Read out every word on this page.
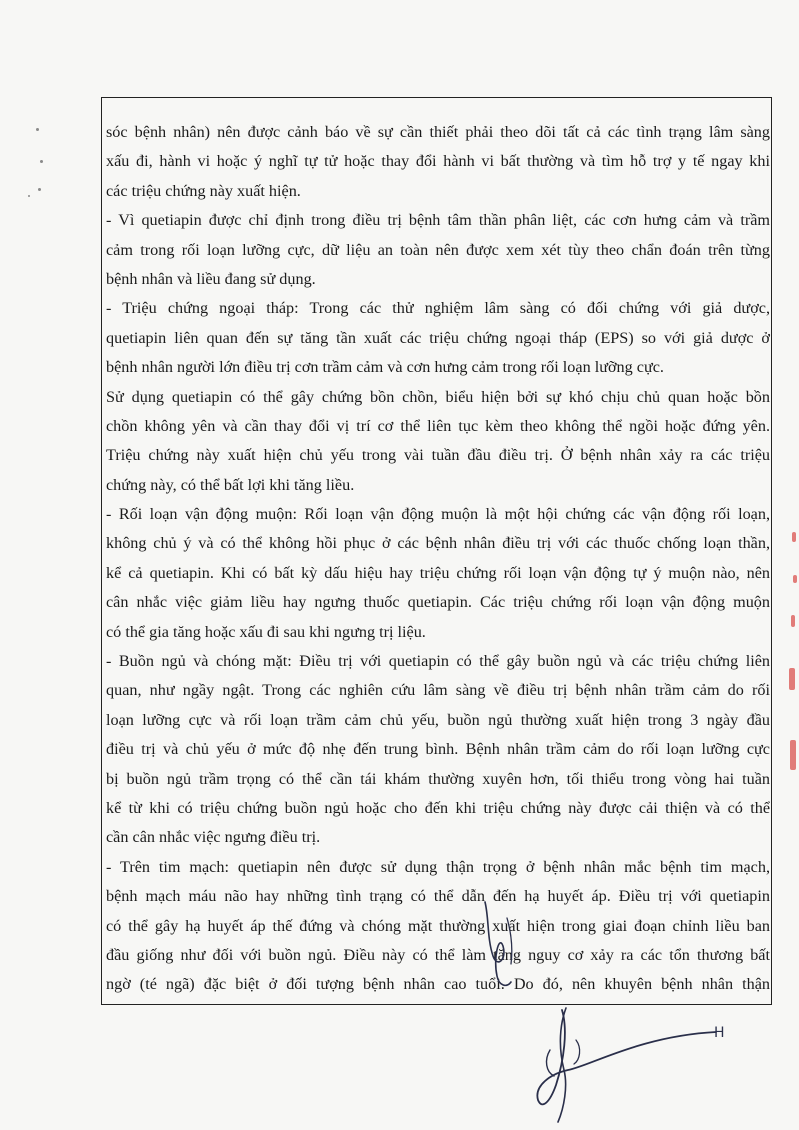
sóc bệnh nhân) nên được cảnh báo về sự cần thiết phải theo dõi tất cả các tình trạng lâm sàng
xấu đi, hành vi hoặc ý nghĩ tự tử hoặc thay đổi hành vi bất thường và tìm hỗ trợ y tế ngay khi
các triệu chứng này xuất hiện.
- Vì quetiapin được chỉ định trong điều trị bệnh tâm thần phân liệt, các cơn hưng cảm và trầm
cảm trong rối loạn lưỡng cực, dữ liệu an toàn nên được xem xét tùy theo chẩn đoán trên từng
bệnh nhân và liều đang sử dụng.
- Triệu chứng ngoại tháp: Trong các thử nghiệm lâm sàng có đối chứng với giả dược,
quetiapin liên quan đến sự tăng tần xuất các triệu chứng ngoại tháp (EPS) so với giả dược ở
bệnh nhân người lớn điều trị cơn trầm cảm và cơn hưng cảm trong rối loạn lưỡng cực.
Sử dụng quetiapin có thể gây chứng bồn chồn, biểu hiện bởi sự khó chịu chủ quan hoặc bồn
chồn không yên và cần thay đổi vị trí cơ thể liên tục kèm theo không thể ngồi hoặc đứng yên.
Triệu chứng này xuất hiện chủ yếu trong vài tuần đầu điều trị. Ở bệnh nhân xảy ra các triệu
chứng này, có thể bất lợi khi tăng liều.
- Rối loạn vận động muộn: Rối loạn vận động muộn là một hội chứng các vận động rối loạn,
không chủ ý và có thể không hồi phục ở các bệnh nhân điều trị với các thuốc chống loạn thần,
kể cả quetiapin. Khi có bất kỳ dấu hiệu hay triệu chứng rối loạn vận động tự ý muộn nào, nên
cân nhắc việc giảm liều hay ngưng thuốc quetiapin. Các triệu chứng rối loạn vận động muộn
có thể gia tăng hoặc xấu đi sau khi ngưng trị liệu.
- Buồn ngủ và chóng mặt: Điều trị với quetiapin có thể gây buồn ngủ và các triệu chứng liên
quan, như ngầy ngật. Trong các nghiên cứu lâm sàng về điều trị bệnh nhân trầm cảm do rối
loạn lưỡng cực và rối loạn trầm cảm chủ yếu, buồn ngủ thường xuất hiện trong 3 ngày đầu
điều trị và chủ yếu ở mức độ nhẹ đến trung bình. Bệnh nhân trầm cảm do rối loạn lưỡng cực
bị buồn ngủ trầm trọng có thể cần tái khám thường xuyên hơn, tối thiểu trong vòng hai tuần
kể từ khi có triệu chứng buồn ngủ hoặc cho đến khi triệu chứng này được cải thiện và có thể
cần cân nhắc việc ngưng điều trị.
- Trên tim mạch: quetiapin nên được sử dụng thận trọng ở bệnh nhân mắc bệnh tim mạch,
bệnh mạch máu não hay những tình trạng có thể dẫn đến hạ huyết áp. Điều trị với quetiapin
có thể gây hạ huyết áp thế đứng và chóng mặt thường xuất hiện trong giai đoạn chỉnh liều ban
đầu giống như đối với buồn ngủ. Điều này có thể làm tăng nguy cơ xảy ra các tổn thương bất
ngờ (té ngã) đặc biệt ở đối tượng bệnh nhân cao tuổi. Do đó, nên khuyên bệnh nhân thận
H
